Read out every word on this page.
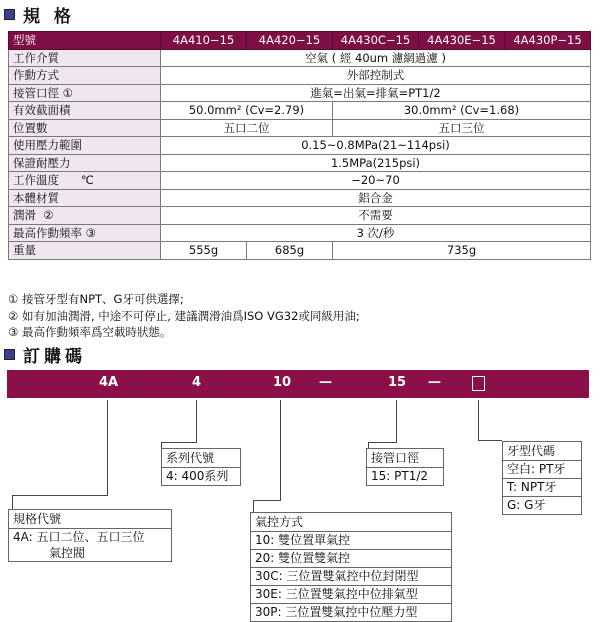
規 格
型號	4A410−15	4A420−15	4A430C−15	4A430E−15	4A430P−15
工作介質	空氣 ( 經 40um 濾網過濾 )				
作動方式	外部控制式				
接管口徑 ①	進氣=出氣=排氣=PT1/2				
有效截面積	50.0mm² (Cv=2.79)		30.0mm² (Cv=1.68)		
位置數	五口二位		五口三位		
使用壓力範圍	0.15~0.8MPa(21~114psi)				
保證耐壓力	1.5MPa(215psi)				
工作溫度      ℃	−20~70				
本體材質	鋁合金				
潤滑  ②	不需要				
最高作動頻率 ③	3 次/秒				
重量	555g	685g	735g		
① 接管牙型有NPT、G牙可供選擇;
② 如有加油潤滑, 中途不可停止, 建議潤滑油爲ISO VG32或同級用油;
③ 最高作動頻率爲空載時狀態。
訂購碼
4A	4	10 —	15 —
系列代號
4: 400系列
接管口徑
15: PT1/2
牙型代碼
空白: PT牙
T: NPT牙
G: G牙
規格代號
4A: 五口二位、五口三位
氣控閥
氣控方式
10: 雙位置單氣控
20: 雙位置雙氣控
30C: 三位置雙氣控中位封閉型
30E: 三位置雙氣控中位排氣型
30P: 三位置雙氣控中位壓力型
